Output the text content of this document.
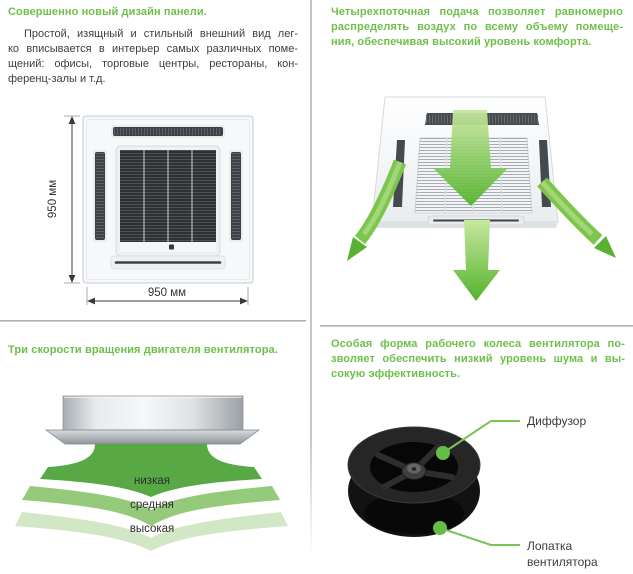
Совершенно новый дизайн панели.
Простой, изящный и стильный внешний вид лег-
ко вписывается в интерьер самых различных поме-
щений: офисы, торговые центры, рестораны, кон-
ференц-залы и т.д.
950 мм
950 мм
Четырехпоточная подача позволяет равномерно
распределять воздух по всему объему помеще-
ния, обеспечивая высокий уровень комфорта.
Три скорости вращения двигателя вентилятора.
низкая
средняя
высокая
Особая форма рабочего колеса вентилятора по-
зволяет обеспечить низкий уровень шума и вы-
сокую эффективность.
Диффузор
Лопатка
вентилятора
